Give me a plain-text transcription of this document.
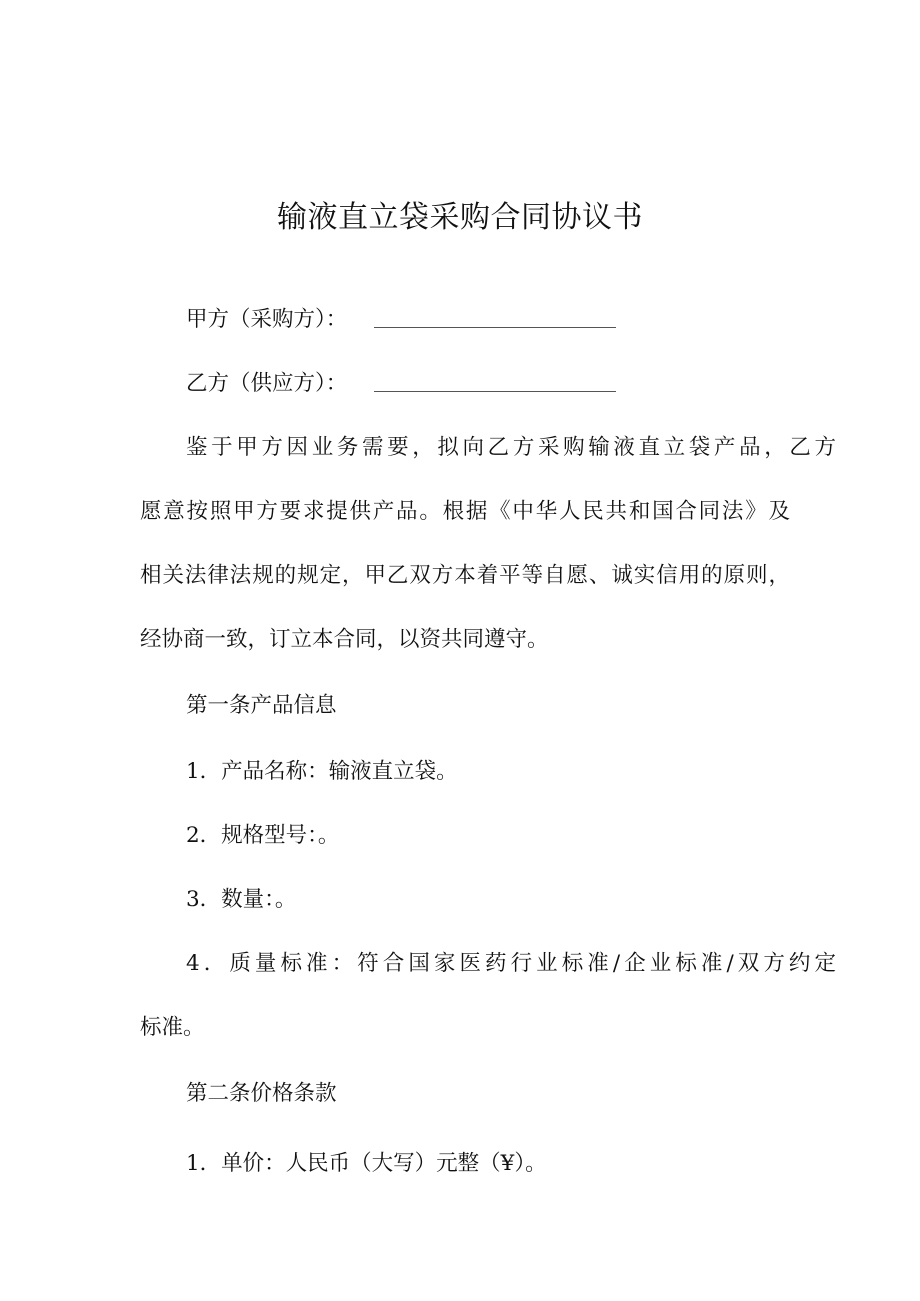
输液直立袋采购合同协议书
甲方（采购方）：
乙方（供应方）：
鉴于甲方因业务需要，拟向乙方采购输液直立袋产品，乙方
愿意按照甲方要求提供产品。根据《中华人民共和国合同法》及
相关法律法规的规定，甲乙双方本着平等自愿、诚实信用的原则，
经协商一致，订立本合同，以资共同遵守。
第一条产品信息
1．产品名称：输液直立袋。
2．规格型号：。
3．数量：。
4．质量标准：符合国家医药行业标准/企业标准/双方约定
标准。
第二条价格条款
1．单价：人民币（大写）元整（¥）。
